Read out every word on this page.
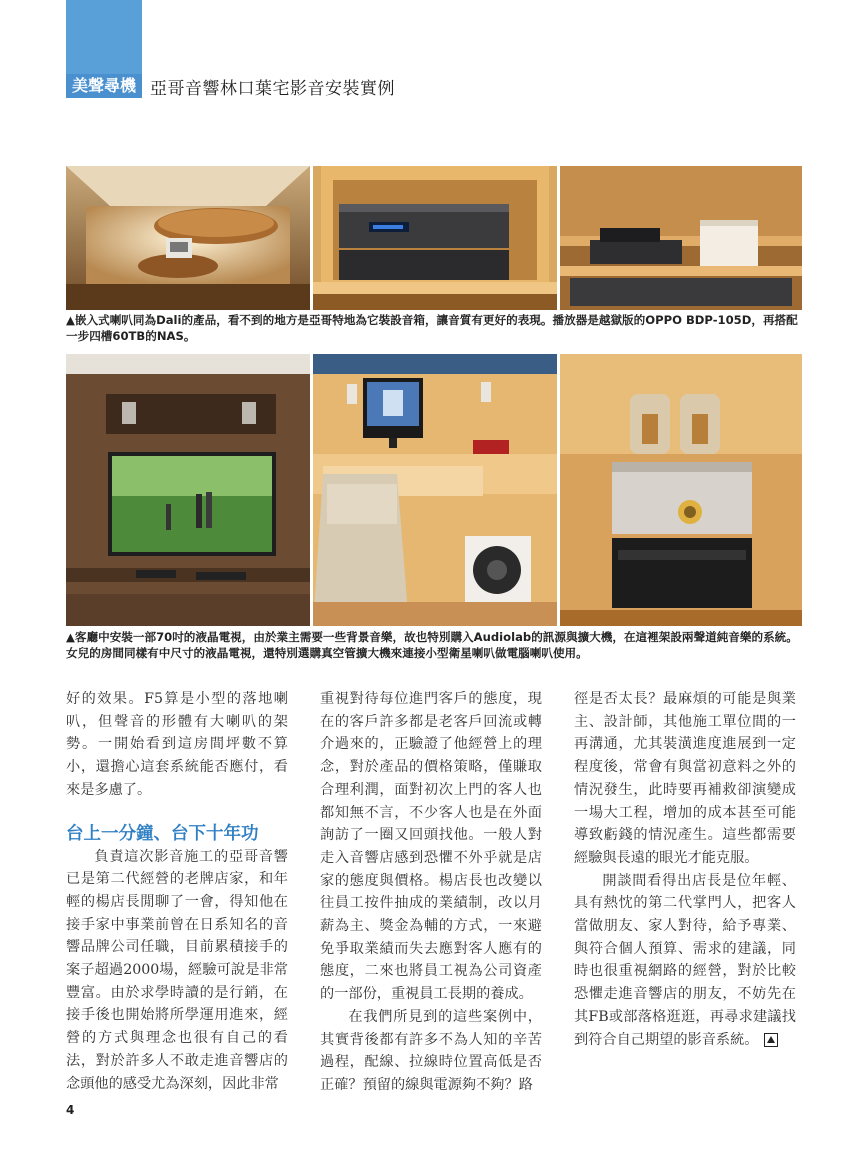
美聲尋機 亞哥音響林口葉宅影音安裝實例
▲嵌入式喇叭同為Dali的產品，看不到的地方是亞哥特地為它裝設音箱，讓音質有更好的表現。播放器是越獄版的OPPO BDP-105D，再搭配一步四槽60TB的NAS。
▲客廳中安裝一部70吋的液晶電視，由於業主需要一些背景音樂，故也特別購入Audiolab的訊源與擴大機，在這裡架設兩聲道純音樂的系統。女兒的房間同樣有中尺寸的液晶電視，還特別選購真空管擴大機來連接小型衛星喇叭做電腦喇叭使用。

好的效果。F5算是小型的落地喇叭，但聲音的形體有大喇叭的架勢。一開始看到這房間坪數不算小，還擔心這套系統能否應付，看來是多慮了。

台上一分鐘、台下十年功

負責這次影音施工的亞哥音響已是第二代經營的老牌店家，和年輕的楊店長閒聊了一會，得知他在接手家中事業前曾在日系知名的音響品牌公司任職，目前累積接手的案子超過2000場，經驗可說是非常豐富。由於求學時讀的是行銷，在接手後也開始將所學運用進來，經營的方式與理念也很有自己的看法，對於許多人不敢走進音響店的念頭他的感受尤為深刻，因此非常

重視對待每位進門客戶的態度，現在的客戶許多都是老客戶回流或轉介過來的，正驗證了他經營上的理念，對於產品的價格策略，僅賺取合理利潤，面對初次上門的客人也都知無不言，不少客人也是在外面詢訪了一圈又回頭找他。一般人對走入音響店感到恐懼不外乎就是店家的態度與價格。楊店長也改變以往員工按件抽成的業績制，改以月薪為主、獎金為輔的方式，一來避免爭取業績而失去應對客人應有的態度，二來也將員工視為公司資產的一部份，重視員工長期的養成。

在我們所見到的這些案例中，其實背後都有許多不為人知的辛苦過程，配線、拉線時位置高低是否正確？預留的線與電源夠不夠？路

徑是否太長？最麻煩的可能是與業主、設計師，其他施工單位間的一再溝通，尤其裝潢進度進展到一定程度後，常會有與當初意料之外的情況發生，此時要再補救卻演變成一場大工程，增加的成本甚至可能導致虧錢的情況產生。這些都需要經驗與長遠的眼光才能克服。

開談間看得出店長是位年輕、具有熱忱的第二代掌門人，把客人當做朋友、家人對待，給予專業、與符合個人預算、需求的建議，同時也很重視網路的經營，對於比較恐懼走進音響店的朋友，不妨先在其FB或部落格逛逛，再尋求建議找到符合自己期望的影音系統。

4
